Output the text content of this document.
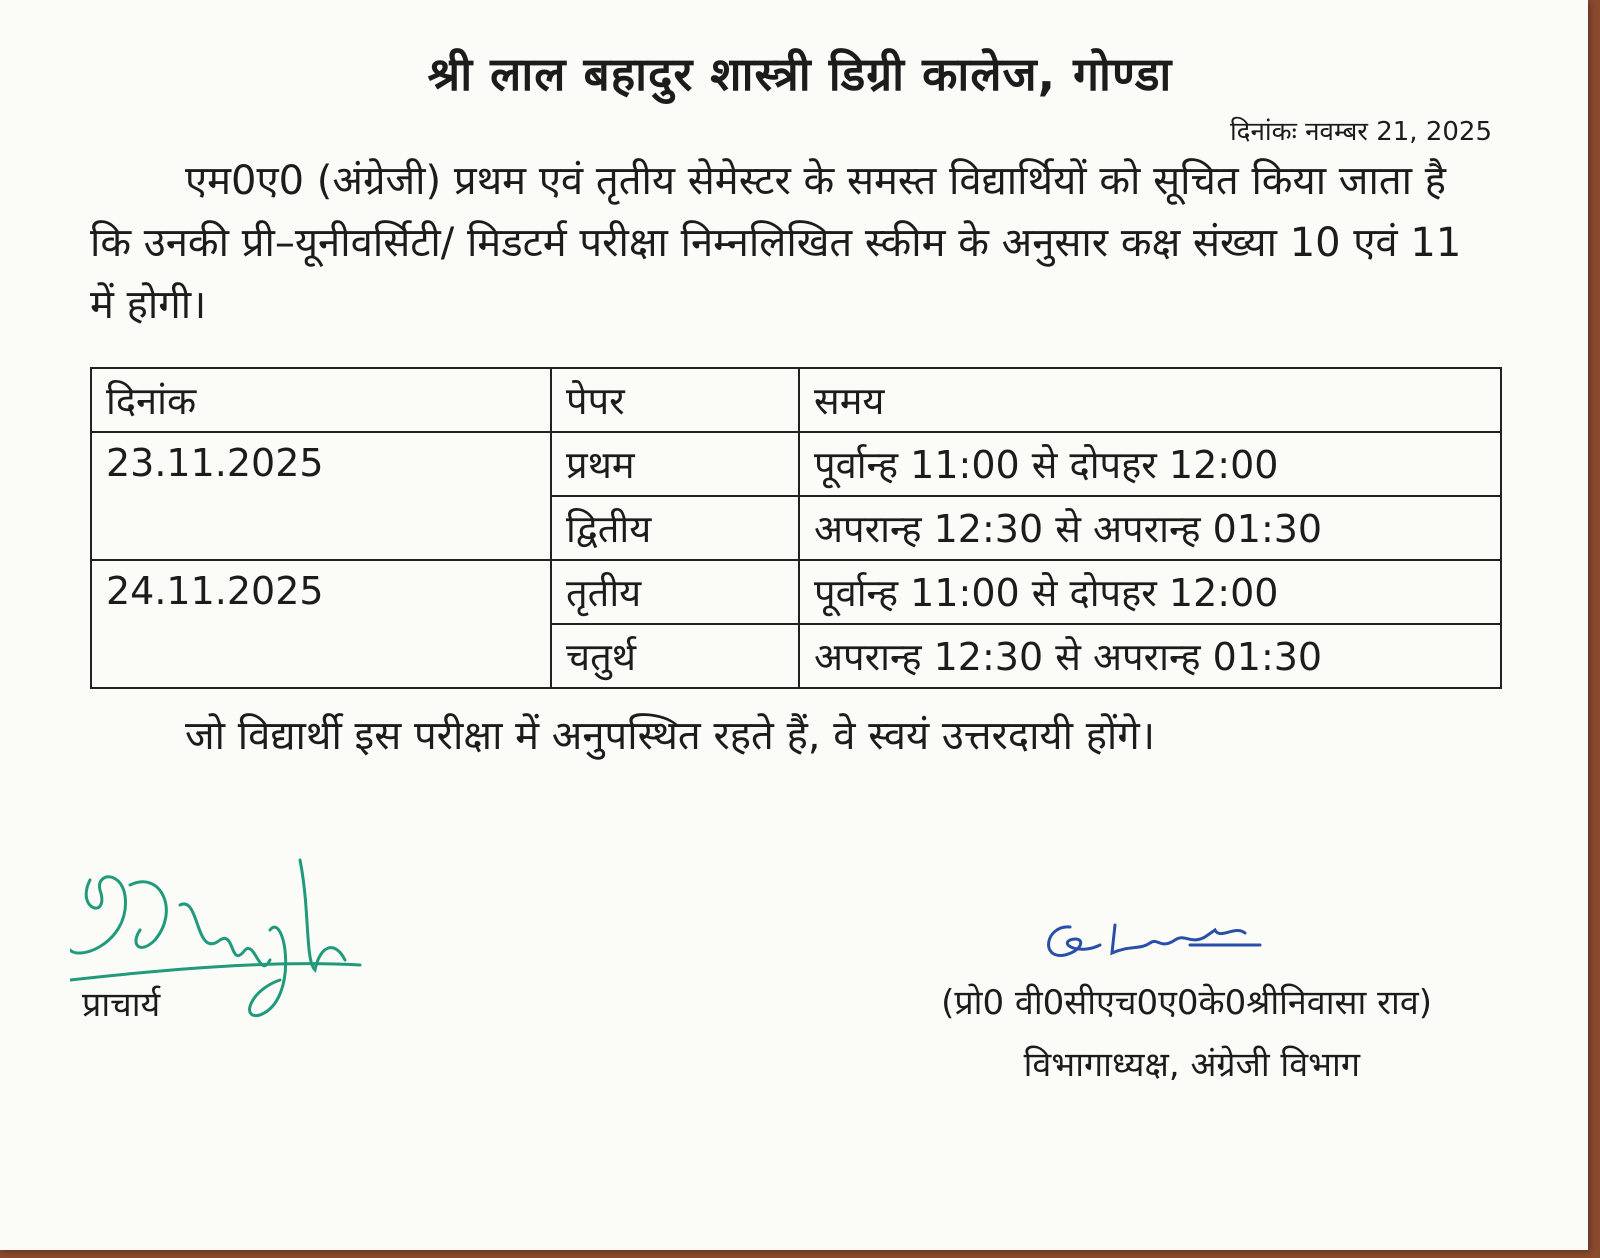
श्री लाल बहादुर शास्त्री डिग्री कालेज, गोण्डा
दिनांकः नवम्बर 21, 2025
एम0ए0 (अंग्रेजी) प्रथम एवं तृतीय सेमेस्टर के समस्त विद्यार्थियों को सूचित किया जाता है कि उनकी प्री–यूनीवर्सिटी/ मिडटर्म परीक्षा निम्नलिखित स्कीम के अनुसार कक्ष संख्या 10 एवं 11 में होगी।
दिनांक	पेपर	समय
23.11.2025	प्रथम	पूर्वान्ह 11:00 से दोपहर 12:00
	द्वितीय	अपरान्ह 12:30 से अपरान्ह 01:30
24.11.2025	तृतीय	पूर्वान्ह 11:00 से दोपहर 12:00
	चतुर्थ	अपरान्ह 12:30 से अपरान्ह 01:30
जो विद्यार्थी इस परीक्षा में अनुपस्थित रहते हैं, वे स्वयं उत्तरदायी होंगे।
प्राचार्य	(प्रो0 वी0सीएच0ए0के0श्रीनिवासा राव)
विभागाध्यक्ष, अंग्रेजी विभाग
